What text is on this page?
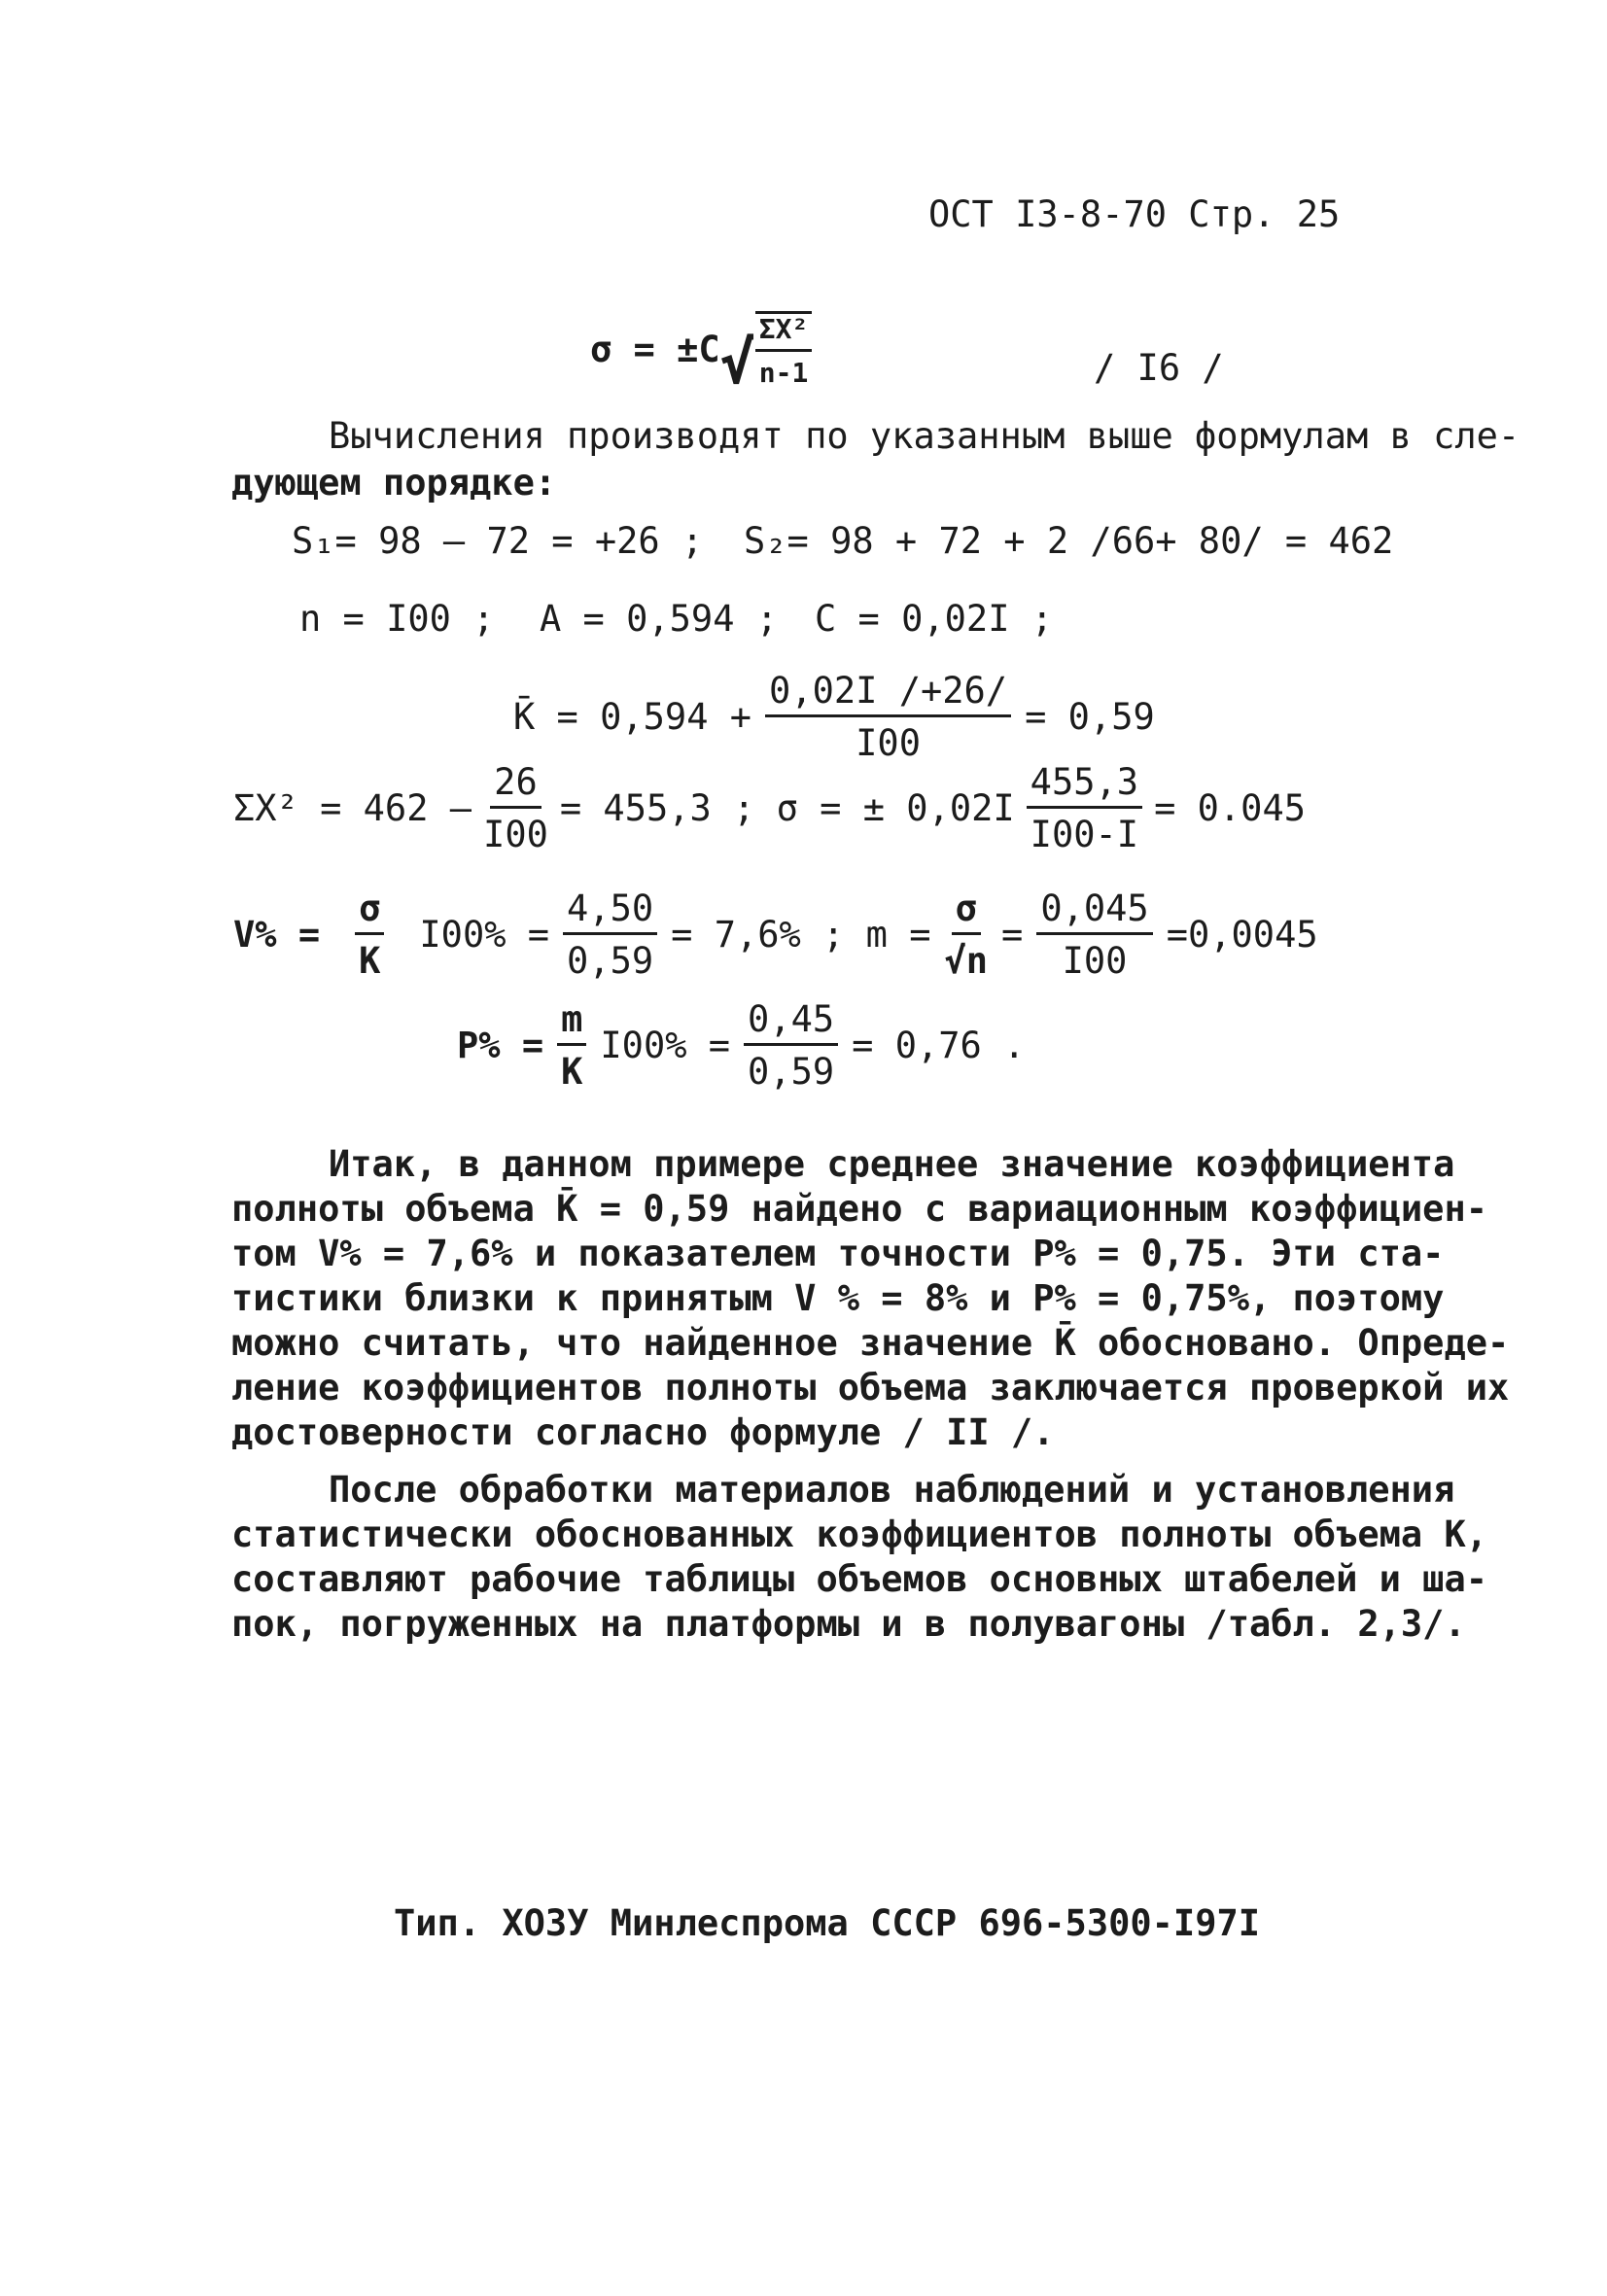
ОСТ I3-8-70 Стр. 25
σ = ±C √ $\frac{\text{ΣX²}}{n-1}$	/ I6 /
Вычисления производят по указанным выше формулам в сле-
дующем порядке:
S₁= 98 – 72 = +26 ; S₂= 98 + 72 + 2 /66+ 80/ = 462
n = I00 ; A = 0,594 ; C = 0,02I ;
K̄ = $0,594 + \frac{0,02I /+26/}{I00} = 0,59$
$\Sigma X^2 = 462 - \frac{26}{I00} = 455,3$ ; σ = ± $0,02I \frac{455,3}{I00-I} = 0.045$
$V\% = \frac{\sigma}{K} I00\% = \frac{4,50}{0,59} = 7,6\%$ ; $m = \frac{\sigma}{√n} = \frac{0,045}{I00} =0,0045$
$P\% = \frac{m}{K} I00\% = \frac{0,45}{0,59} = 0,76$ .
Итак, в данном примере среднее значение коэффициента
полноты объема K̄ = 0,59 найдено с вариационным коэффициен-
том V% = 7,6% и показателем точности P% = 0,75. Эти ста-
тистики близки к принятым V % = 8% и P% = 0,75%, поэтому
можно считать, что найденное значение K̄ обосновано. Опреде-
ление коэффициентов полноты объема заключается проверкой их
достоверности согласно формуле / II /.
После обработки материалов наблюдений и установления
статистически обоснованных коэффициентов полноты объема K,
составляют рабочие таблицы объемов основных штабелей и ша-
пок, погруженных на платформы и в полувагоны /табл. 2,3/.
Тип. ХОЗУ Минлеспрома СССР 696-5300-I97I
